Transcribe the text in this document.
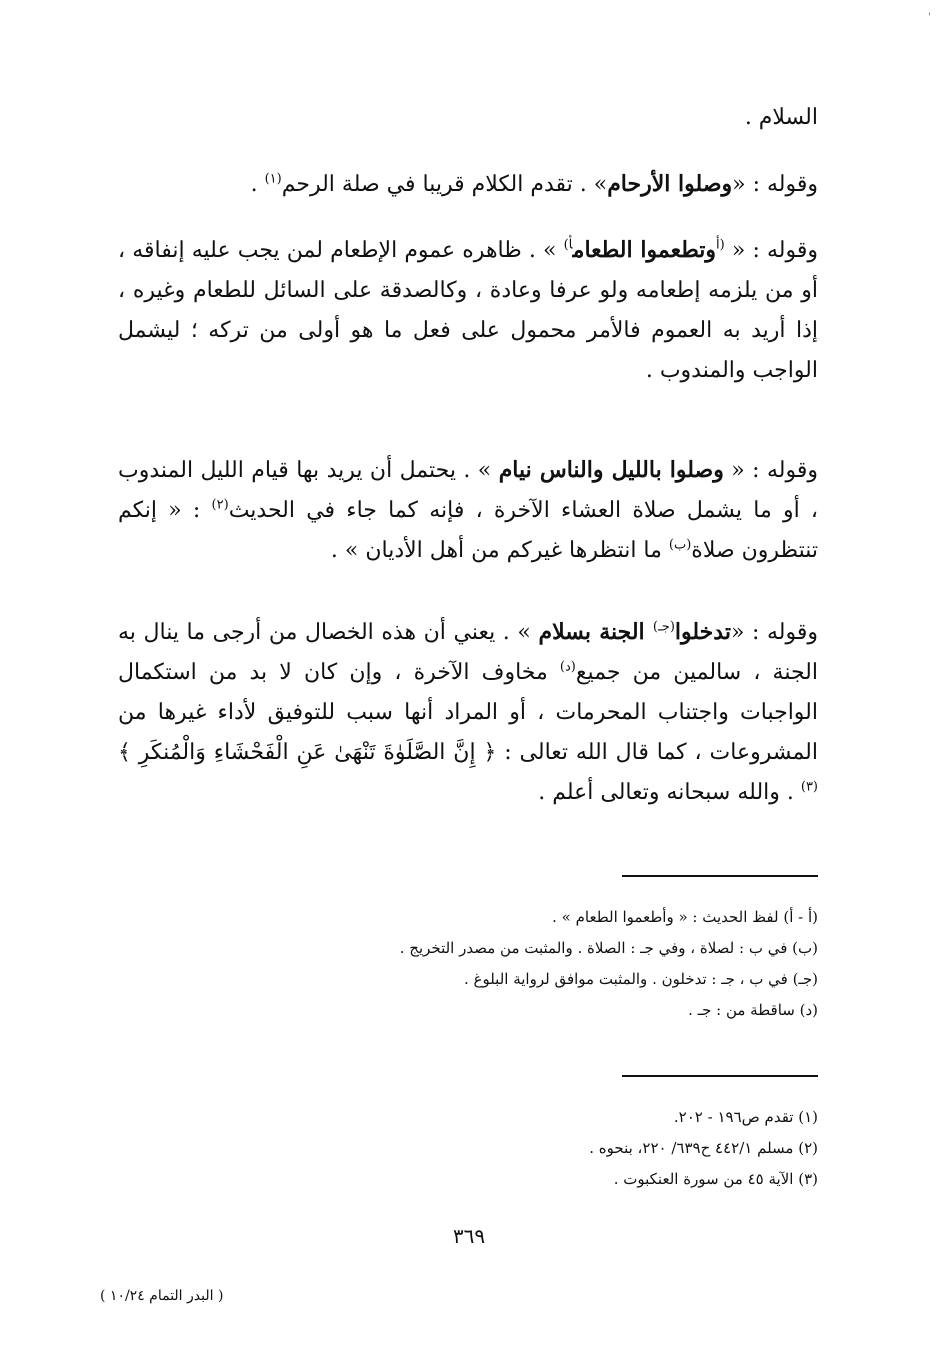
السلام .
وقوله : «وصلوا الأرحام» . تقدم الكلام قريبا في صلة الرحم$^{(١)}$ .
وقوله : « $^{(أ}$وتطعموا الطعام$^{أ)}$ » . ظاهره عموم الإطعام لمن يجب عليه إنفاقه ، أو من يلزمه إطعامه ولو عرفا وعادة ، وكالصدقة على السائل للطعام وغيره ، إذا أريد به العموم فالأمر محمول على فعل ما هو أولى من تركه ؛ ليشمل الواجب والمندوب .
وقوله : « وصلوا بالليل والناس نيام » . يحتمل أن يريد بها قيام الليل المندوب ، أو ما يشمل صلاة العشاء الآخرة ، فإنه كما جاء في الحديث$^{(٢)}$ : « إنكم تنتظرون صلاة$^{(ب)}$ ما انتظرها غيركم من أهل الأديان » .
وقوله : «تدخلوا$^{(جـ)}$ الجنة بسلام » . يعني أن هذه الخصال من أرجى ما ينال به الجنة ، سالمين من جميع$^{(د)}$ مخاوف الآخرة ، وإن كان لا بد من استكمال الواجبات واجتناب المحرمات ، أو المراد أنها سبب للتوفيق لأداء غيرها من المشروعات ، كما قال الله تعالى : ﴿ إِنَّ الصَّلَوٰةَ تَنْهَىٰ عَنِ الْفَحْشَاءِ وَالْمُنكَرِ ﴾$^{(٣)}$ . والله سبحانه وتعالى أعلم .
(أ - أ) لفظ الحديث : « وأطعموا الطعام » .
(ب) في ب : لصلاة ، وفي جـ : الصلاة . والمثبت من مصدر التخريج .
(جـ) في ب ، جـ : تدخلون . والمثبت موافق لرواية البلوغ .
(د) ساقطة من : جـ .
(١) تقدم ص١٩٦ - ٢٠٢.
(٢) مسلم ٤٤٢/١ ح٦٣٩/ ٢٢٠، بنحوه .
(٣) الآية ٤٥ من سورة العنكبوت .
٣٦٩
( البدر التمام ١٠/٢٤ )
'
